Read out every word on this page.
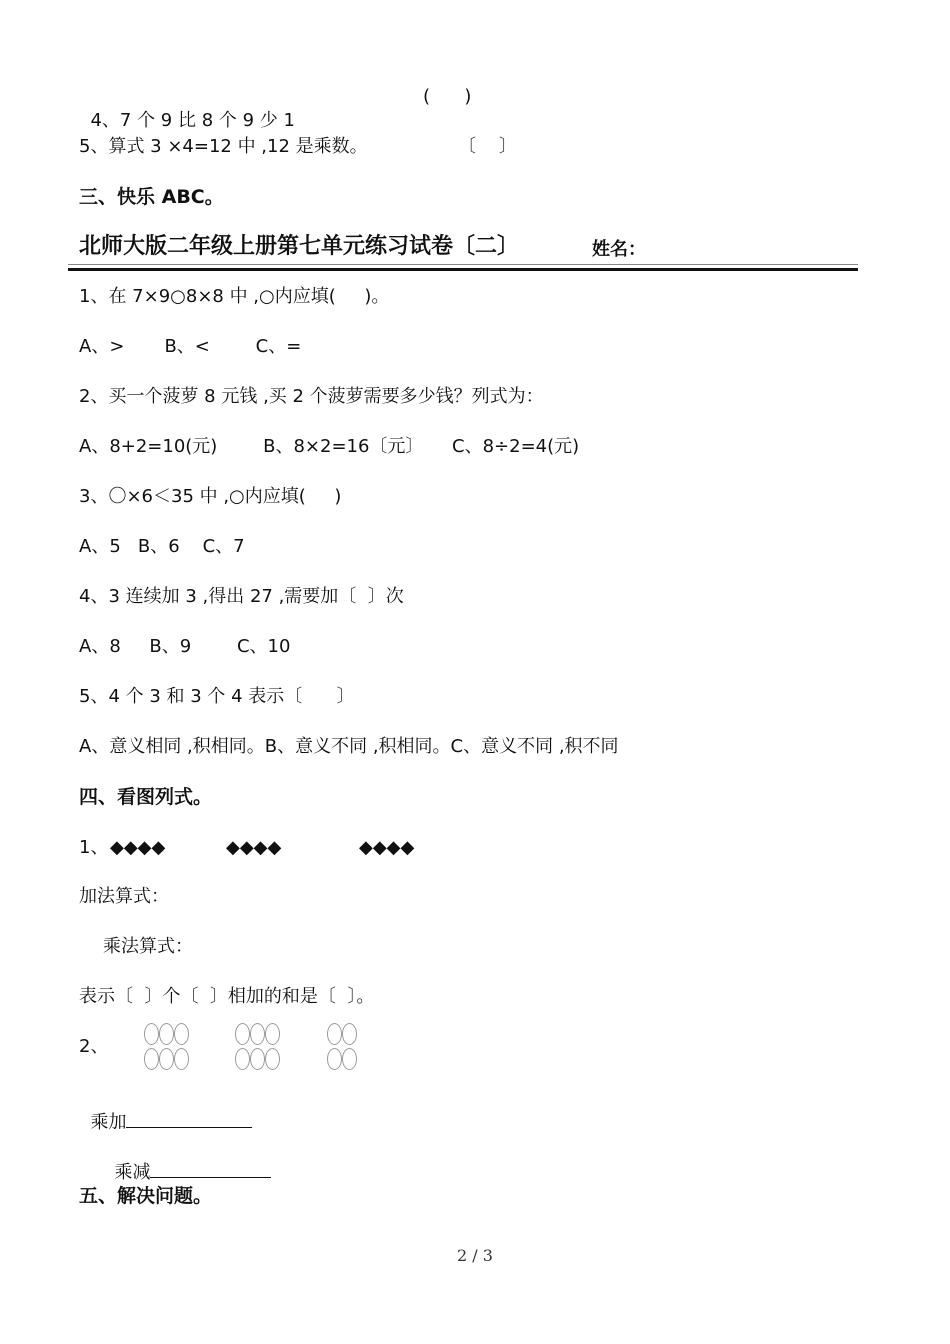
4、7 个 9 比 8 个 9 少 1

(      )
5、算式 3 ×4=12 中 ,12 是乘数。	〔    〕
三、快乐 ABC。
北师大版二年级上册第七单元练习试卷〔二〕	姓名：
1、在 7×9○8×8 中 ,○内应填(     )。
A、>       B、<        C、=
2、买一个菠萝 8 元钱 ,买 2 个菠萝需要多少钱？列式为：
A、8+2=10(元)        B、8×2=16〔元〕     C、8÷2=4(元)
3、〇×6＜35 中 ,○内应填(     )
A、5   B、6    C、7
4、3 连续加 3 ,得出 27 ,需要加〔  〕次
A、8     B、9        C、10
5、4 个 3 和 3 个 4 表示〔      〕
A、意义相同 ,积相同。B、意义不同 ,积相同。C、意义不同 ,积不同
四、看图列式。
1、 ◆◆◆◆	◆◆◆◆	◆◆◆◆
加法算式：
乘法算式：
表示〔  〕个〔  〕相加的和是〔  〕。
2、

乘加

乘减

五、解决问题。
2 / 3
